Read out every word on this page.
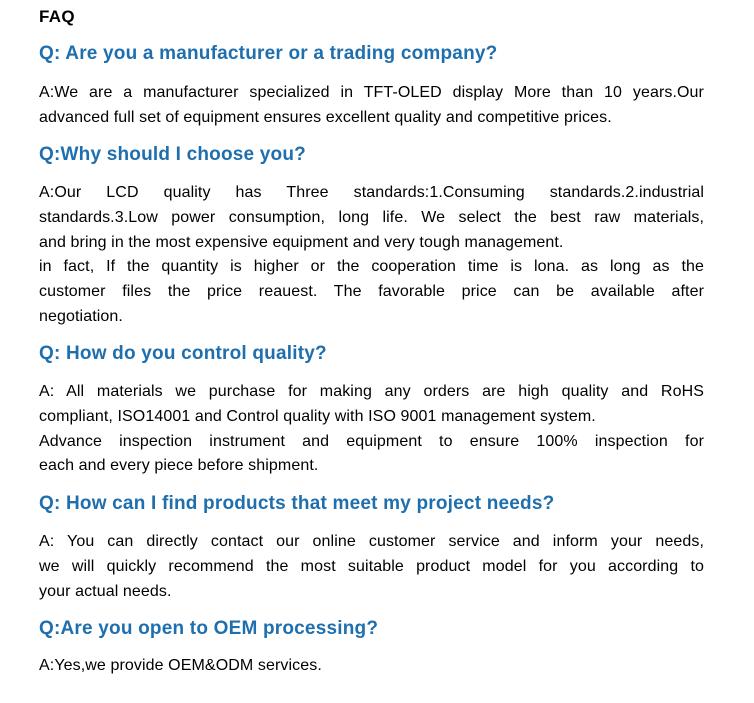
FAQ
Q: Are you a manufacturer or a trading company?
A:We are a manufacturer specialized in TFT-OLED display More than 10 years.Our
advanced full set of equipment ensures excellent quality and competitive prices.
Q:Why should I choose you?
A:Our LCD quality has Three standards:1.Consuming standards.2.industrial
standards.3.Low power consumption, long life. We select the best raw materials,
and bring in the most expensive equipment and very tough management.
in fact, If the quantity is higher or the cooperation time is lona. as long as the
customer files the price reauest. The favorable price can be available after
negotiation.
Q: How do you control quality?
A: All materials we purchase for making any orders are high quality and RoHS
compliant, ISO14001 and Control quality with ISO 9001 management system.
Advance inspection instrument and equipment to ensure 100% inspection for
each and every piece before shipment.
Q: How can I find products that meet my project needs?
A: You can directly contact our online customer service and inform your needs,
we will quickly recommend the most suitable product model for you according to
your actual needs.
Q:Are you open to OEM processing?
A:Yes,we provide OEM&ODM services.
